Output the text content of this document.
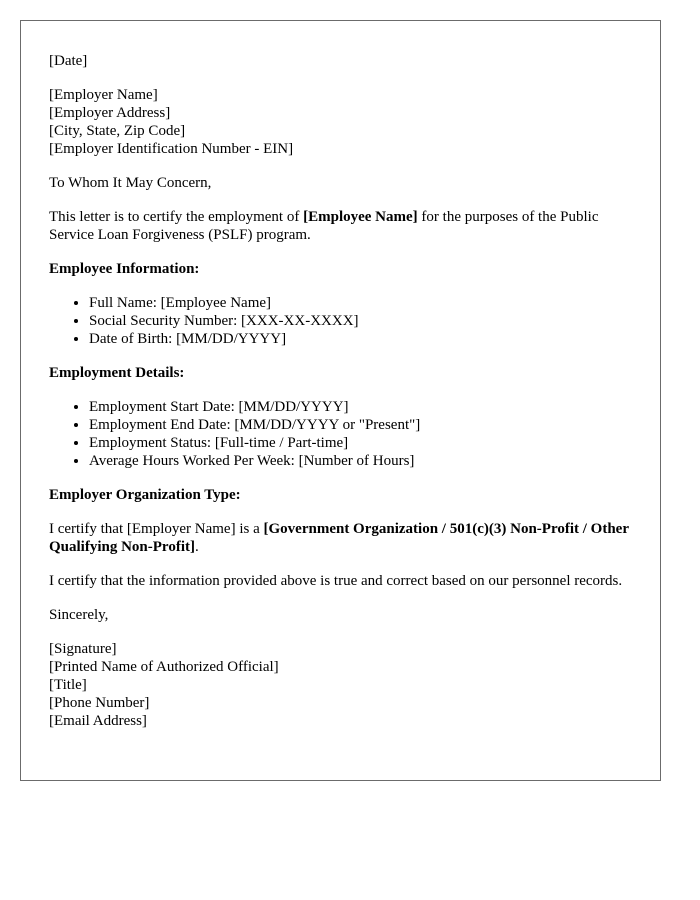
[Date]

[Employer Name]
[Employer Address]
[City, State, Zip Code]
[Employer Identification Number - EIN]

To Whom It May Concern,

This letter is to certify the employment of [Employee Name] for the purposes of the Public Service Loan Forgiveness (PSLF) program.

Employee Information:
• Full Name: [Employee Name]
• Social Security Number: [XXX-XX-XXXX]
• Date of Birth: [MM/DD/YYYY]
Employment Details:
• Employment Start Date: [MM/DD/YYYY]
• Employment End Date: [MM/DD/YYYY or "Present"]
• Employment Status: [Full-time / Part-time]
• Average Hours Worked Per Week: [Number of Hours]
Employer Organization Type:

I certify that [Employer Name] is a [Government Organization / 501(c)(3) Non-Profit / Other Qualifying Non-Profit].

I certify that the information provided above is true and correct based on our personnel records.

Sincerely,

[Signature]
[Printed Name of Authorized Official]
[Title]
[Phone Number]
[Email Address]
